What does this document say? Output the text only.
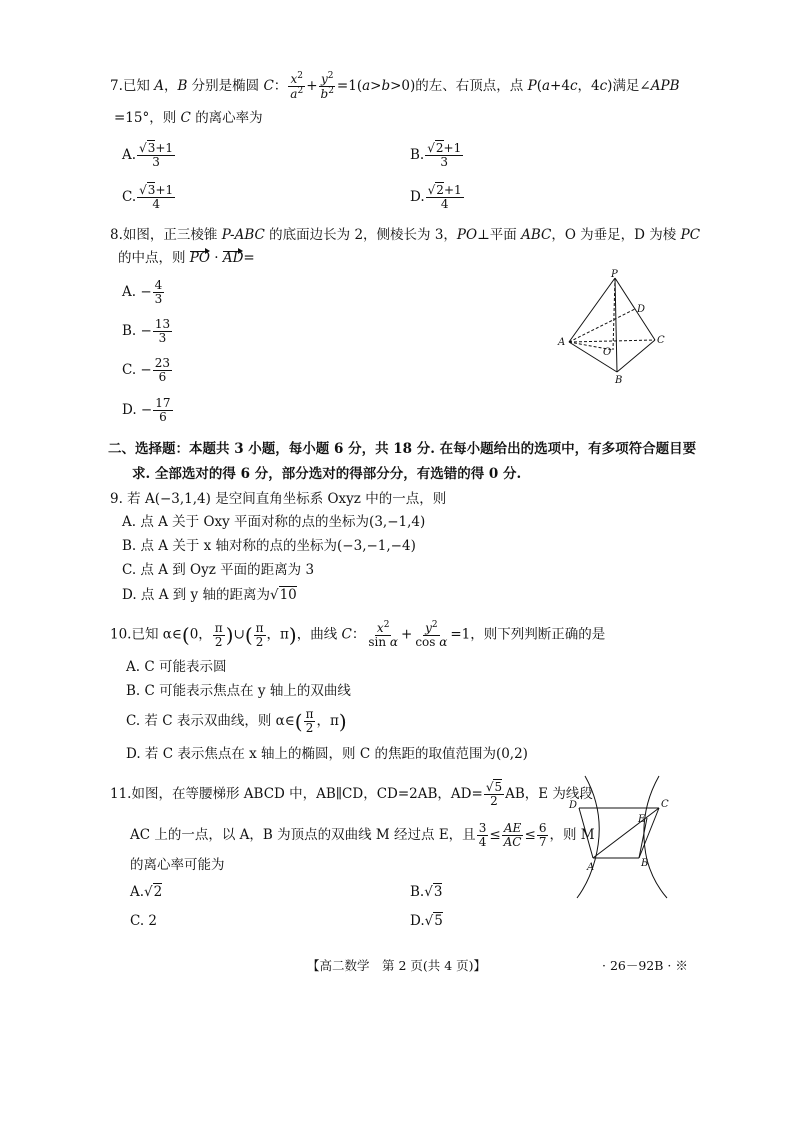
7.已知 A，B 分别是椭圆 C： $\frac{x^2}{a^2} + \frac{y^2}{b^2} =1(a>b>0)$的左、右顶点，点 P(a+4c，4c)满足∠APB
=15°，则 C 的离心率为
A. $\frac{√3+1}{3}$	B. $\frac{√2+1}{3}$
C. $\frac{√3+1}{4}$	D. $\frac{√2+1}{4}$
8.如图，正三棱锥 P-ABC 的底面边长为 2，侧棱长为 3，PO⊥平面 ABC，O 为垂足，D 为棱 PC
的中点，则 PO · AD=
A. − $\frac{4}{3}$
B. − $\frac{13}{3}$
C. − $\frac{23}{6}$
D. − $\frac{17}{6}$
P
A
B
C
D
O
二、选择题：本题共 3 小题，每小题 6 分，共 18 分. 在每小题给出的选项中，有多项符合题目要
求. 全部选对的得 6 分，部分选对的得部分分，有选错的得 0 分.
9. 若 A(−3,1,4) 是空间直角坐标系 Oxyz 中的一点，则
A. 点 A 关于 Oxy 平面对称的点的坐标为(3,−1,4)
B. 点 A 关于 x 轴对称的点的坐标为(−3,−1,−4)
C. 点 A 到 Oyz 平面的距离为 3
D. 点 A 到 y 轴的距离为√10
10.已知 α∈(0， $\frac{\pi}{2}$ )∪( $\frac{\pi}{2}$ ，π)，曲线 C： $\frac{x^2}{\text{sin α}} + \frac{y^2}{\text{cos α}} =1$，则下列判断正确的是
A. C 可能表示圆
B. C 可能表示焦点在 y 轴上的双曲线
C. 若 C 表示双曲线，则 α∈( $\frac{\pi}{2}$ ，π)
D. 若 C 表示焦点在 x 轴上的椭圆，则 C 的焦距的取值范围为(0,2)
11.如图，在等腰梯形 ABCD 中，AB∥CD，CD=2AB，$AD= \frac{√5}{2}$ AB，E 为线段
AC 上的一点，以 A，B 为顶点的双曲线 M 经过点 E，且 $\frac{3}{4} \le \frac{AE}{AC} \le \frac{6}{7}$ ，则 M
的离心率可能为
A.√2	B.√3
C. 2	D.√5
D	C
E
A	B
【高二数学　第 2 页(共 4 页)】	· 26－92B · ※
